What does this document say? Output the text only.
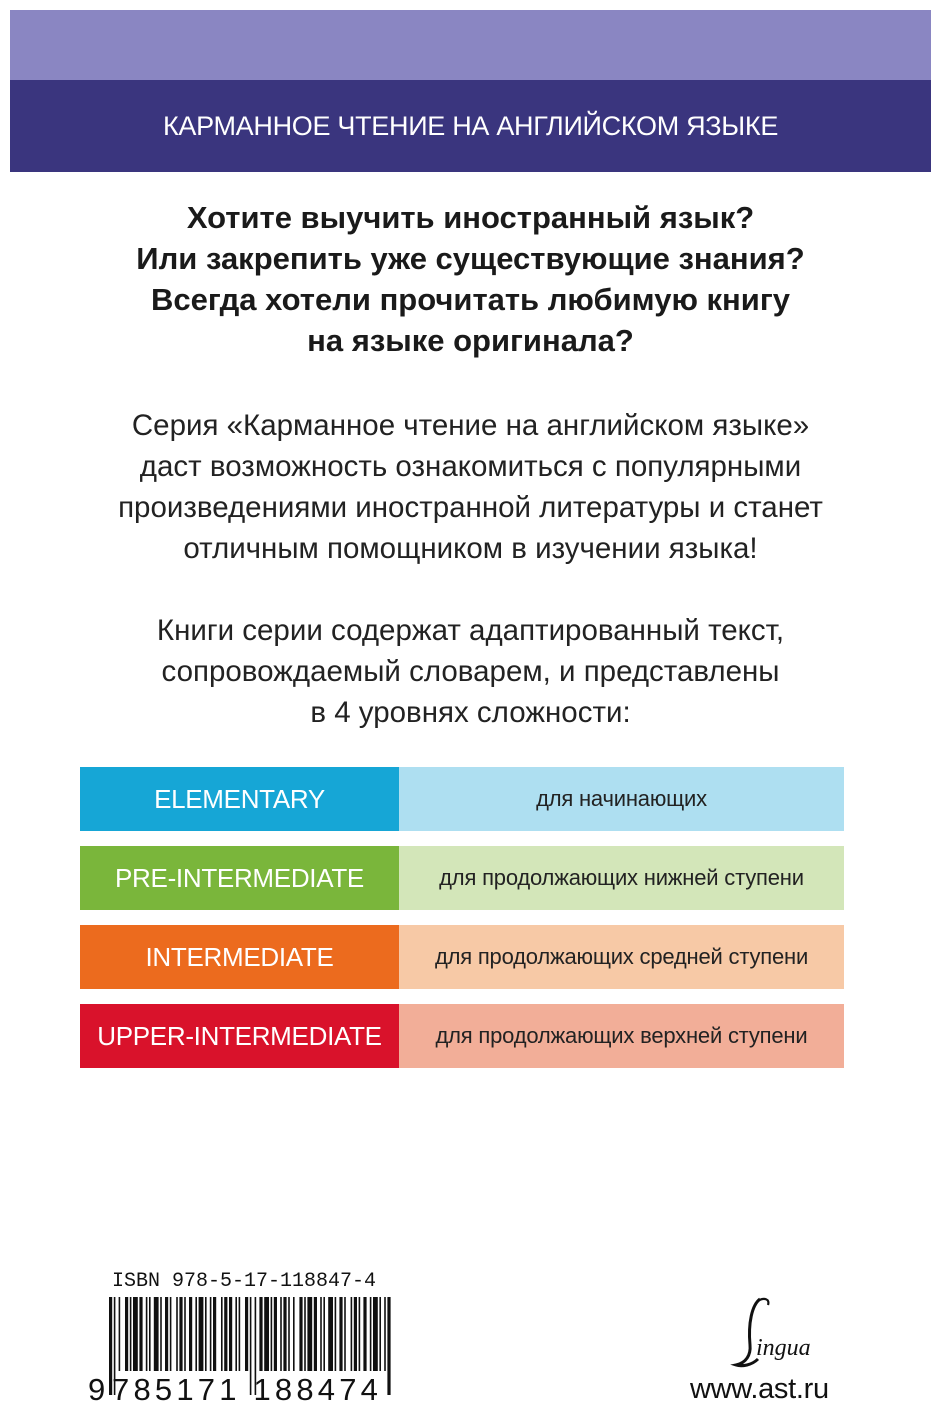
КАРМАННОЕ ЧТЕНИЕ НА АНГЛИЙСКОМ ЯЗЫКЕ
Хотите выучить иностранный язык?
Или закрепить уже существующие знания?
Всегда хотели прочитать любимую книгу
на языке оригинала?
Серия «Карманное чтение на английском языке»
даст возможность ознакомиться с популярными
произведениями иностранной литературы и станет
отличным помощником в изучении языка!
Книги серии содержат адаптированный текст,
сопровождаемый словарем, и представлены
в 4 уровнях сложности:
ELEMENTARY	для начинающих
PRE-INTERMEDIATE	для продолжающих нижней ступени
INTERMEDIATE	для продолжающих средней ступени
UPPER-INTERMEDIATE	для продолжающих верхней ступени
ISBN 978-5-17-118847-4
9 785171 188474
ingua
www.ast.ru
